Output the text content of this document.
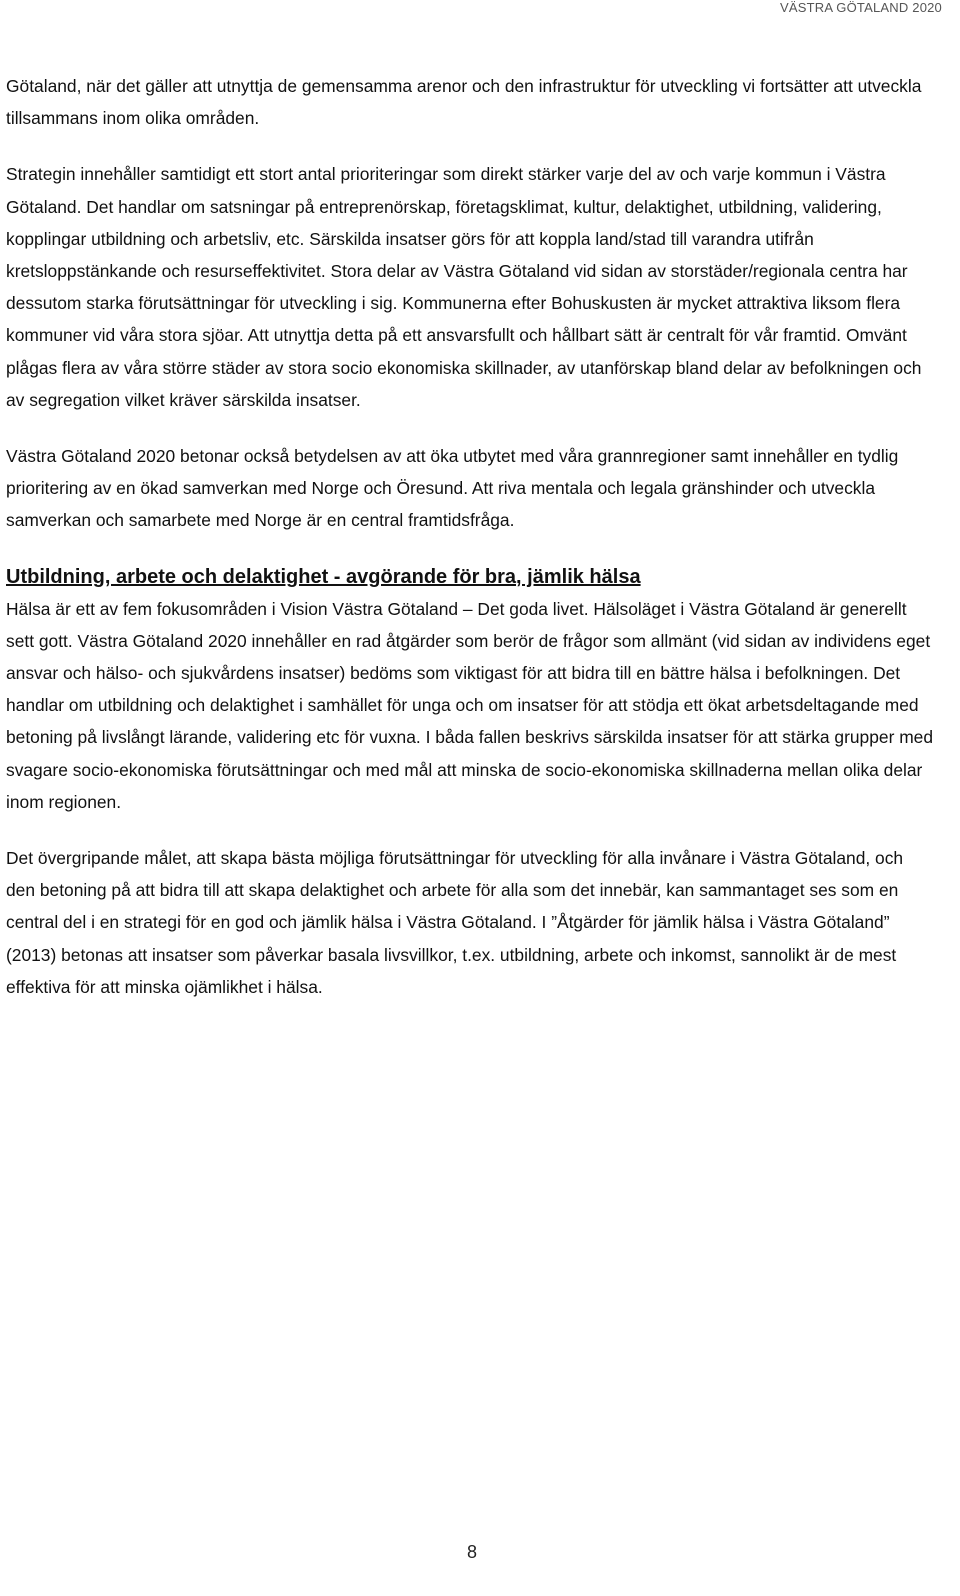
VÄSTRA GÖTALAND 2020

Götaland, när det gäller att utnyttja de gemensamma arenor och den infrastruktur för utveckling vi fortsätter att utveckla tillsammans inom olika områden.

Strategin innehåller samtidigt ett stort antal prioriteringar som direkt stärker varje del av och varje kommun i Västra Götaland. Det handlar om satsningar på entreprenörskap, företagsklimat, kultur, delaktighet, utbildning, validering, kopplingar utbildning och arbetsliv, etc. Särskilda insatser görs för att koppla land/stad till varandra utifrån kretsloppstänkande och resurseffektivitet. Stora delar av Västra Götaland vid sidan av storstäder/regionala centra har dessutom starka förutsättningar för utveckling i sig. Kommunerna efter Bohuskusten är mycket attraktiva liksom flera kommuner vid våra stora sjöar. Att utnyttja detta på ett ansvarsfullt och hållbart sätt är centralt för vår framtid. Omvänt plågas flera av våra större städer av stora socio ekonomiska skillnader, av utanförskap bland delar av befolkningen och av segregation vilket kräver särskilda insatser.

Västra Götaland 2020 betonar också betydelsen av att öka utbytet med våra grannregioner samt innehåller en tydlig prioritering av en ökad samverkan med Norge och Öresund. Att riva mentala och legala gränshinder och utveckla samverkan och samarbete med Norge är en central framtidsfråga.

Utbildning, arbete och delaktighet - avgörande för bra, jämlik hälsa

Hälsa är ett av fem fokusområden i Vision Västra Götaland – Det goda livet. Hälsoläget i Västra Götaland är generellt sett gott. Västra Götaland 2020 innehåller en rad åtgärder som berör de frågor som allmänt (vid sidan av individens eget ansvar och hälso- och sjukvårdens insatser) bedöms som viktigast för att bidra till en bättre hälsa i befolkningen. Det handlar om utbildning och delaktighet i samhället för unga och om insatser för att stödja ett ökat arbetsdeltagande med betoning på livslångt lärande, validering etc för vuxna. I båda fallen beskrivs särskilda insatser för att stärka grupper med svagare socio-ekonomiska förutsättningar och med mål att minska de socio-ekonomiska skillnaderna mellan olika delar inom regionen.

Det övergripande målet, att skapa bästa möjliga förutsättningar för utveckling för alla invånare i Västra Götaland, och den betoning på att bidra till att skapa delaktighet och arbete för alla som det innebär, kan sammantaget ses som en central del i en strategi för en god och jämlik hälsa i Västra Götaland. I ”Åtgärder för jämlik hälsa i Västra Götaland” (2013) betonas att insatser som påverkar basala livsvillkor, t.ex. utbildning, arbete och inkomst, sannolikt är de mest effektiva för att minska ojämlikhet i hälsa.

8
